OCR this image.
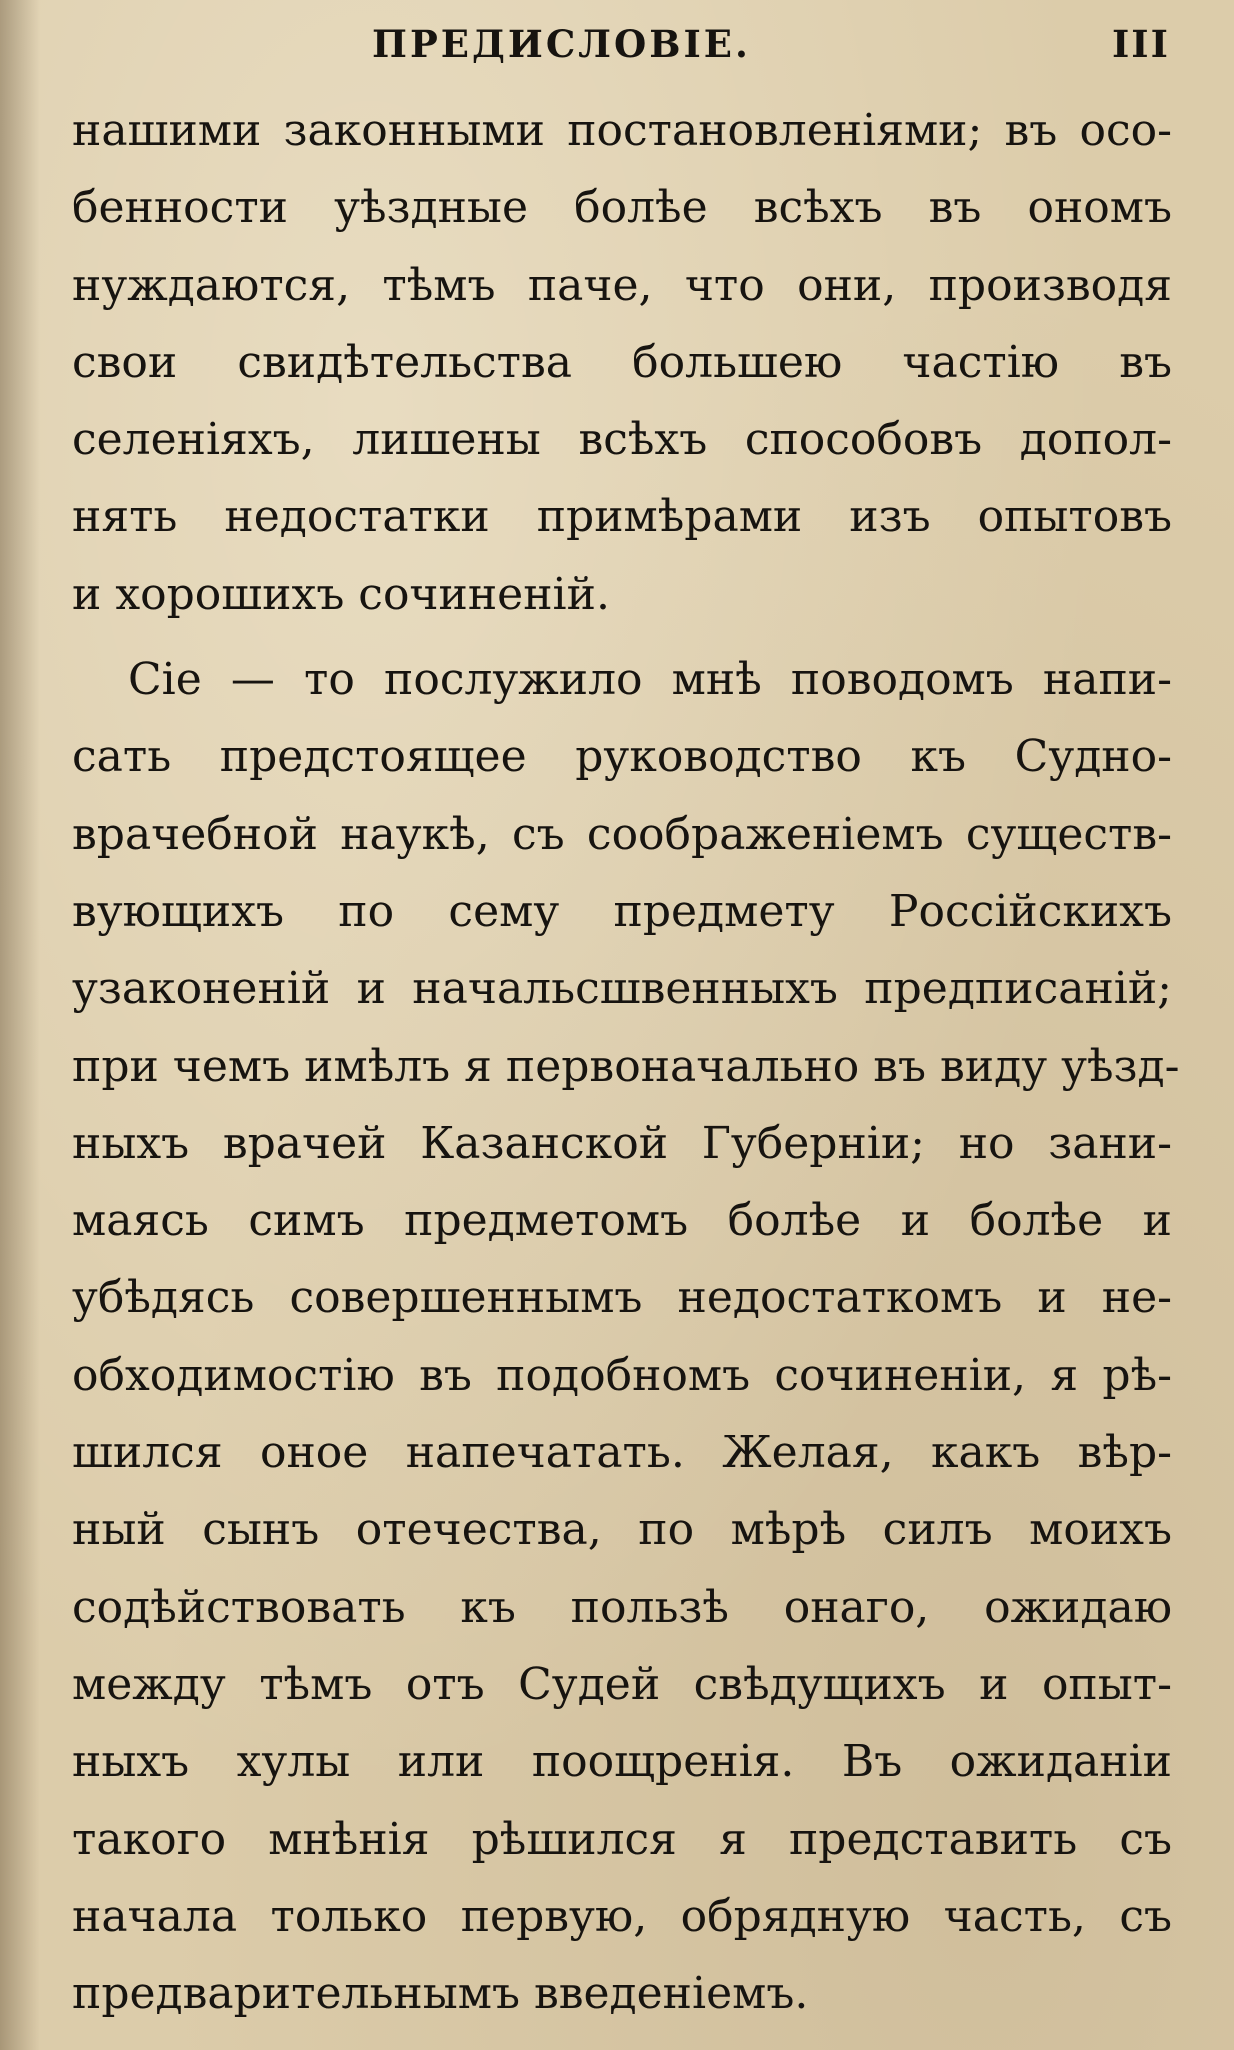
ПРЕДИСЛОВІЕ.	III
нашими законными постановленіями; въ осо-
бенности уѣздные болѣе всѣхъ въ ономъ
нуждаются, тѣмъ паче, что они, производя
свои свидѣтельства большею частію въ
селеніяхъ, лишены всѣхъ способовъ допол-
нять недостатки примѣрами изъ опытовъ
и хорошихъ сочиненій.
Сіе — то послужило мнѣ поводомъ напи-
сать предстоящее руководство къ Судно-
врачебной наукѣ, съ соображеніемъ существ-
вующихъ по сему предмету Россійскихъ
узаконеній и начальсшвенныхъ предписаній;
при чемъ имѣлъ я первоначально въ виду уѣзд-
ныхъ врачей Казанской Губерніи; но зани-
маясь симъ предметомъ болѣе и болѣе и
убѣдясь совершеннымъ недостаткомъ и не-
обходимостію въ подобномъ сочиненіи, я рѣ-
шился оное напечатать. Желая, какъ вѣр-
ный сынъ отечества, по мѣрѣ силъ моихъ
содѣйствовать къ пользѣ онаго, ожидаю
между тѣмъ отъ Судей свѣдущихъ и опыт-
ныхъ хулы или поощренія. Въ ожиданіи
такого мнѣнія рѣшился я представить съ
начала только первую, обрядную часть, съ
предварительнымъ введеніемъ.
